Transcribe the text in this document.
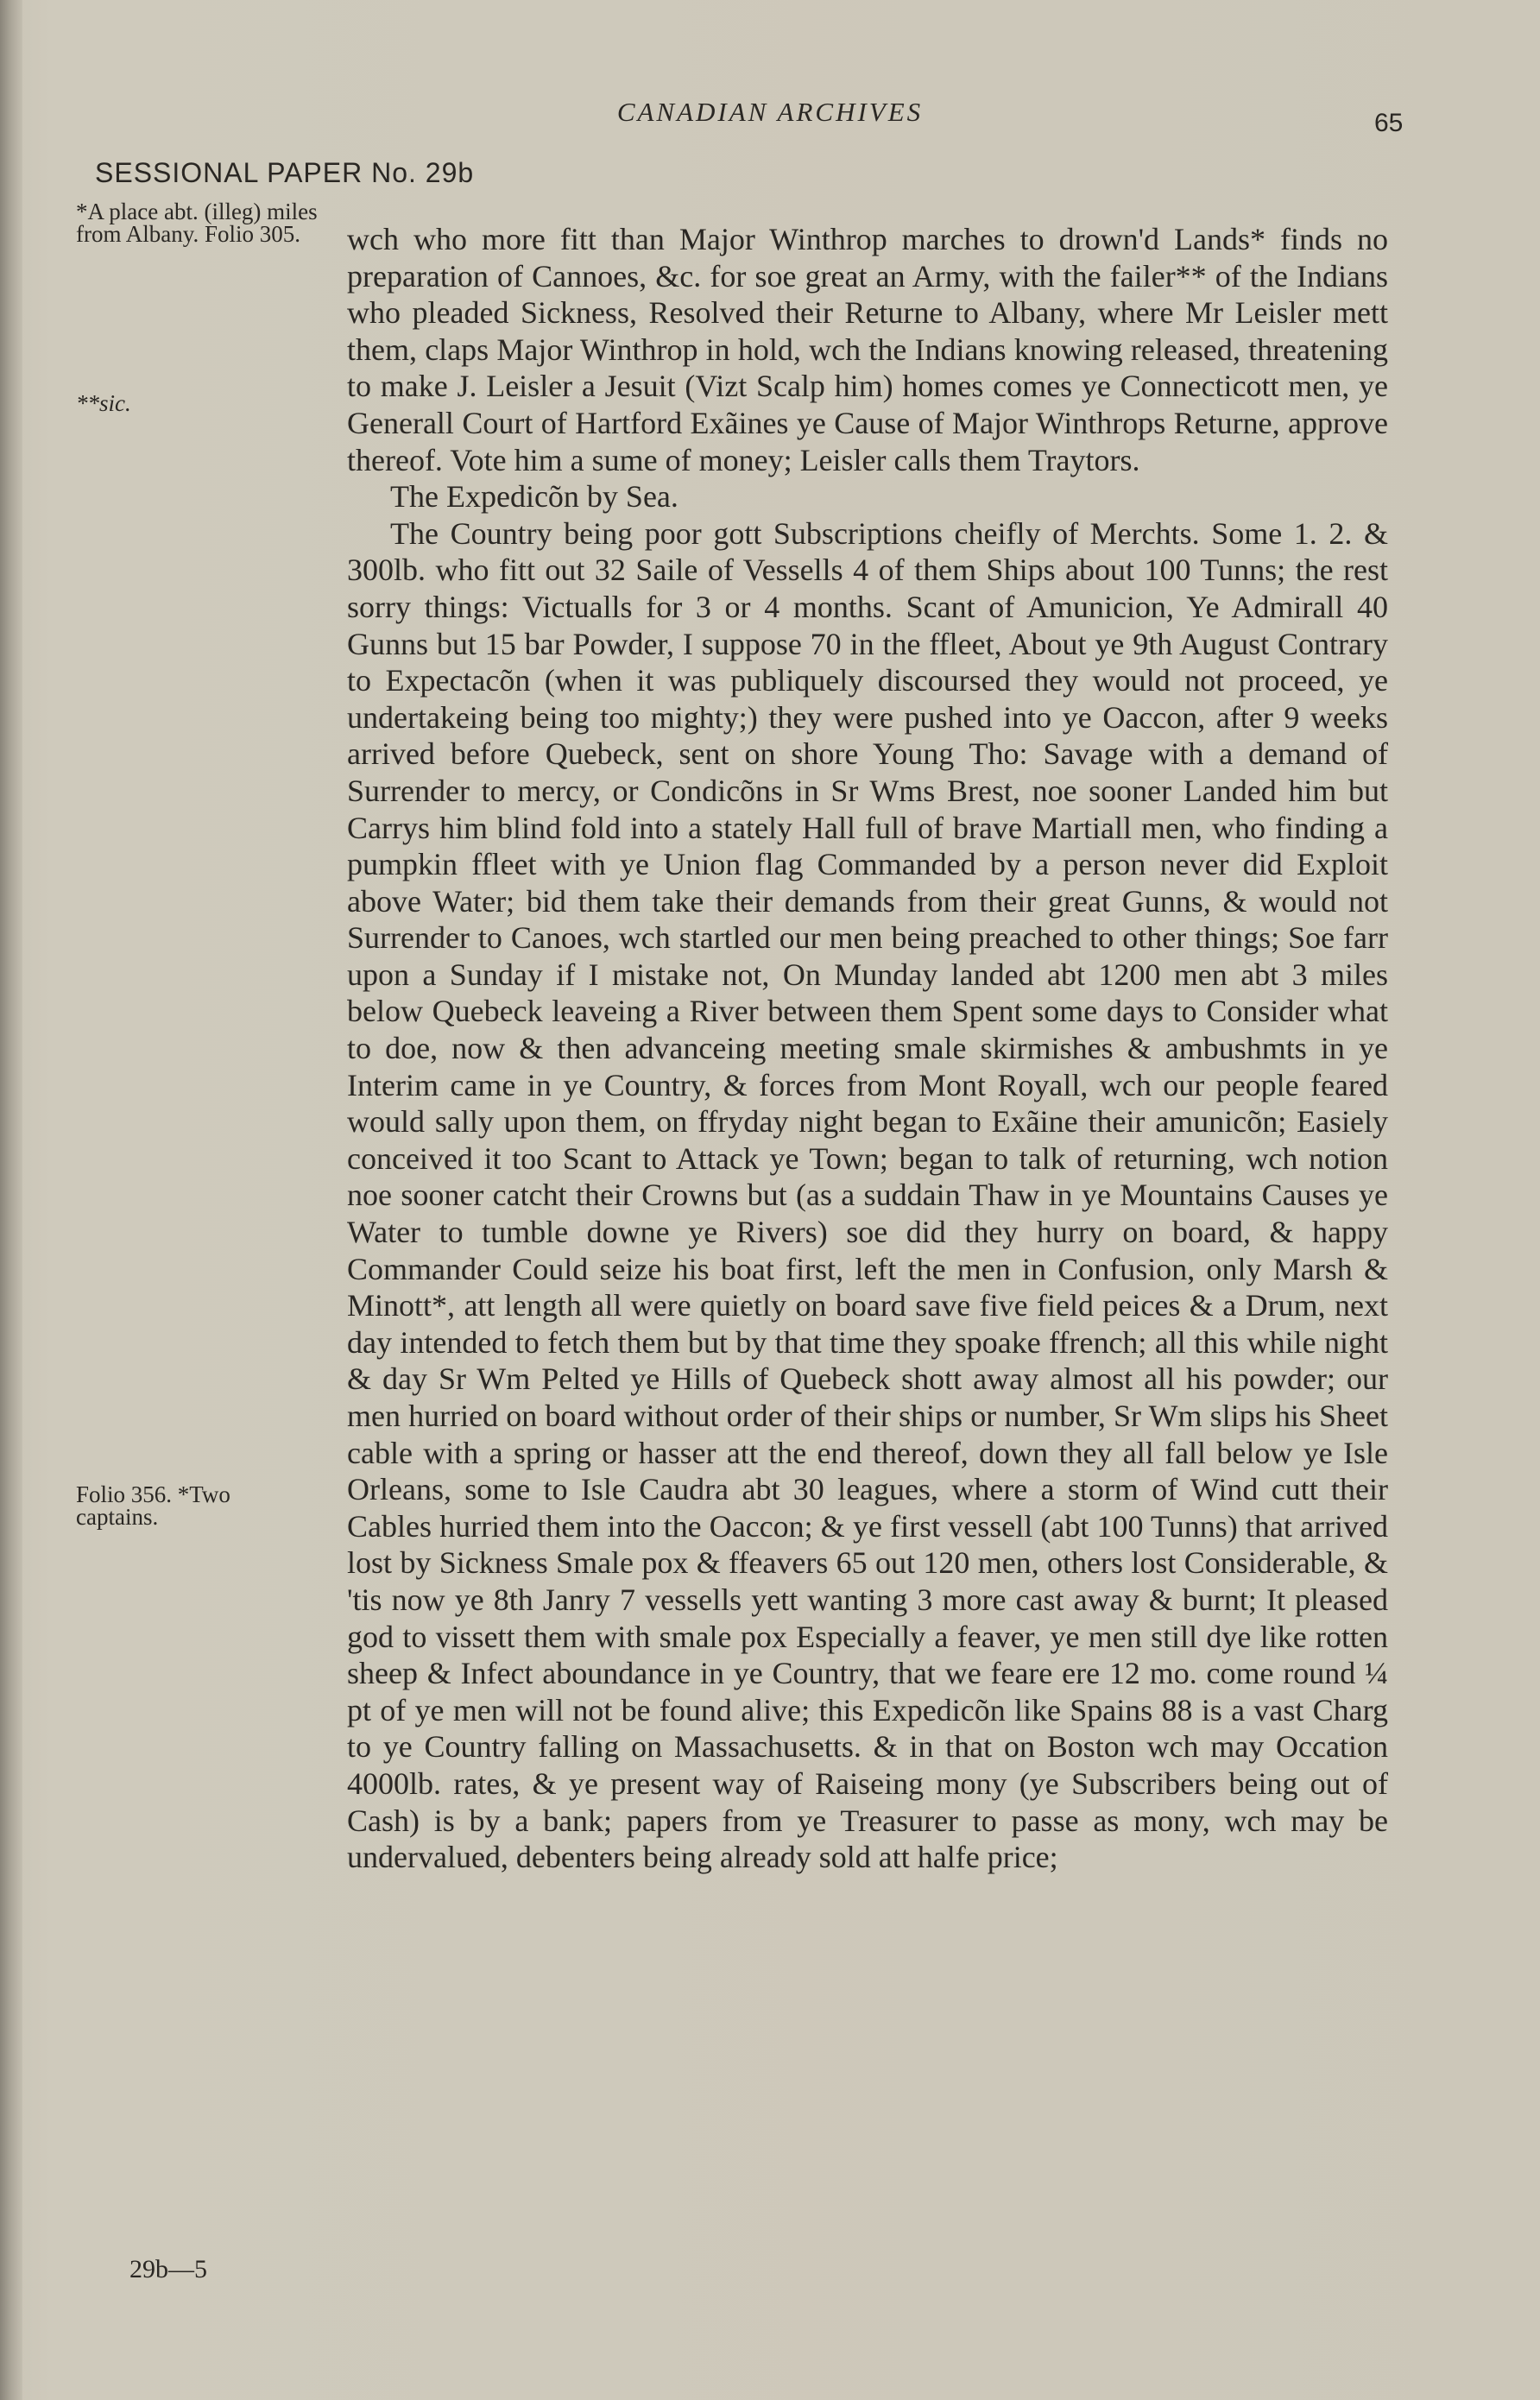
CANADIAN ARCHIVES	65
SESSIONAL PAPER No. 29b
*A place abt. (illeg) miles from Albany. Folio 305.
**sic.
Folio 356. *Two captains.

wch who more fitt than Major Winthrop marches to drown'd Lands* finds no preparation of Cannoes, &c. for soe great an Army, with the failer** of the Indians who pleaded Sickness, Resolved their Returne to Albany, where Mr Leisler mett them, claps Major Winthrop in hold, wch the Indians knowing released, threatening to make J. Leisler a Jesuit (Vizt Scalp him) homes comes ye Connecticott men, ye Generall Court of Hartford Exãines ye Cause of Major Winthrops Returne, approve thereof. Vote him a sume of money; Leisler calls them Traytors.

The Expedicõn by Sea.

The Country being poor gott Subscriptions cheifly of Merchts. Some 1. 2. & 300lb. who fitt out 32 Saile of Vessells 4 of them Ships about 100 Tunns; the rest sorry things: Victualls for 3 or 4 months. Scant of Amunicion, Ye Admirall 40 Gunns but 15 bar Powder, I suppose 70 in the ffleet, About ye 9th August Contrary to Expectacõn (when it was publiquely discoursed they would not proceed, ye undertakeing being too mighty;) they were pushed into ye Oaccon, after 9 weeks arrived before Quebeck, sent on shore Young Tho: Savage with a demand of Surrender to mercy, or Condicõns in Sr Wms Brest, noe sooner Landed him but Carrys him blind fold into a stately Hall full of brave Martiall men, who finding a pumpkin ffleet with ye Union flag Commanded by a person never did Exploit above Water; bid them take their demands from their great Gunns, & would not Surrender to Canoes, wch startled our men being preached to other things; Soe farr upon a Sunday if I mistake not, On Munday landed abt 1200 men abt 3 miles below Quebeck leaveing a River between them Spent some days to Consider what to doe, now & then advanceing meeting smale skirmishes & ambushmts in ye Interim came in ye Country, & forces from Mont Royall, wch our people feared would sally upon them, on ffryday night began to Exãine their amunicõn; Easiely conceived it too Scant to Attack ye Town; began to talk of returning, wch notion noe sooner catcht their Crowns but (as a suddain Thaw in ye Mountains Causes ye Water to tumble downe ye Rivers) soe did they hurry on board, & happy Commander Could seize his boat first, left the men in Confusion, only Marsh & Minott*, att length all were quietly on board save five field peices & a Drum, next day intended to fetch them but by that time they spoake ffrench; all this while night & day Sr Wm Pelted ye Hills of Quebeck shott away almost all his powder; our men hurried on board without order of their ships or number, Sr Wm slips his Sheet cable with a spring or hasser att the end thereof, down they all fall below ye Isle Orleans, some to Isle Caudra abt 30 leagues, where a storm of Wind cutt their Cables hurried them into the Oaccon; & ye first vessell (abt 100 Tunns) that arrived lost by Sickness Smale pox & ffeavers 65 out 120 men, others lost Considerable, & 'tis now ye 8th Janry 7 vessells yett wanting 3 more cast away & burnt; It pleased god to vissett them with smale pox Especially a feaver, ye men still dye like rotten sheep & Infect aboundance in ye Country, that we feare ere 12 mo. come round ¼ pt of ye men will not be found alive; this Expedicõn like Spains 88 is a vast Charg to ye Country falling on Massachusetts. & in that on Boston wch may Occation 4000lb. rates, & ye present way of Raiseing mony (ye Subscribers being out of Cash) is by a bank; papers from ye Treasurer to passe as mony, wch may be undervalued, debenters being already sold att halfe price;

29b—5
